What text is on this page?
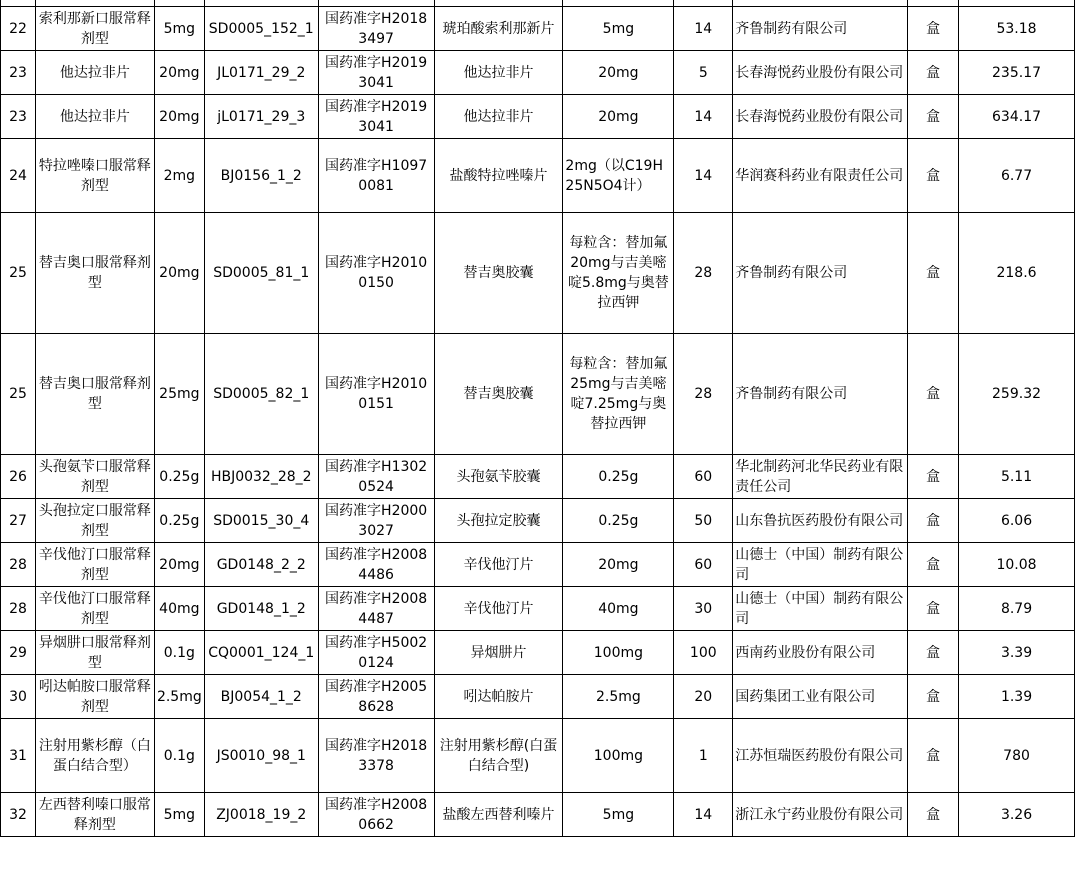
22	索利那新口服常释剂型	5mg	SD0005_152_1	国药准字H20183497	琥珀酸索利那新片	5mg	14	齐鲁制药有限公司	盒	53.18
23	他达拉非片	20mg	JL0171_29_2	国药准字H20193041	他达拉非片	20mg	5	长春海悦药业股份有限公司	盒	235.17
23	他达拉非片	20mg	jL0171_29_3	国药准字H20193041	他达拉非片	20mg	14	长春海悦药业股份有限公司	盒	634.17
24	特拉唑嗪口服常释剂型	2mg	BJ0156_1_2	国药准字H10970081	盐酸特拉唑嗪片	2mg（以C19H25N5O4计）	14	华润赛科药业有限责任公司	盒	6.77
25	替吉奥口服常释剂型	20mg	SD0005_81_1	国药准字H20100150	替吉奥胶囊	每粒含：替加氟20mg与吉美嘧啶5.8mg与奥替拉西钾	28	齐鲁制药有限公司	盒	218.6
25	替吉奥口服常释剂型	25mg	SD0005_82_1	国药准字H20100151	替吉奥胶囊	每粒含：替加氟25mg与吉美嘧啶7.25mg与奥替拉西钾	28	齐鲁制药有限公司	盒	259.32
26	头孢氨苄口服常释剂型	0.25g	HBJ0032_28_2	国药准字H13020524	头孢氨苄胶囊	0.25g	60	华北制药河北华民药业有限责任公司	盒	5.11
27	头孢拉定口服常释剂型	0.25g	SD0015_30_4	国药准字H20003027	头孢拉定胶囊	0.25g	50	山东鲁抗医药股份有限公司	盒	6.06
28	辛伐他汀口服常释剂型	20mg	GD0148_2_2	国药准字H20084486	辛伐他汀片	20mg	60	山德士（中国）制药有限公司	盒	10.08
28	辛伐他汀口服常释剂型	40mg	GD0148_1_2	国药准字H20084487	辛伐他汀片	40mg	30	山德士（中国）制药有限公司	盒	8.79
29	异烟肼口服常释剂型	0.1g	CQ0001_124_1	国药准字H50020124	异烟肼片	100mg	100	西南药业股份有限公司	盒	3.39
30	吲达帕胺口服常释剂型	2.5mg	BJ0054_1_2	国药准字H20058628	吲达帕胺片	2.5mg	20	国药集团工业有限公司	盒	1.39
31	注射用紫杉醇（白蛋白结合型）	0.1g	JS0010_98_1	国药准字H20183378	注射用紫杉醇(白蛋白结合型)	100mg	1	江苏恒瑞医药股份有限公司	盒	780
32	左西替利嗪口服常释剂型	5mg	ZJ0018_19_2	国药准字H20080662	盐酸左西替利嗪片	5mg	14	浙江永宁药业股份有限公司	盒	3.26
